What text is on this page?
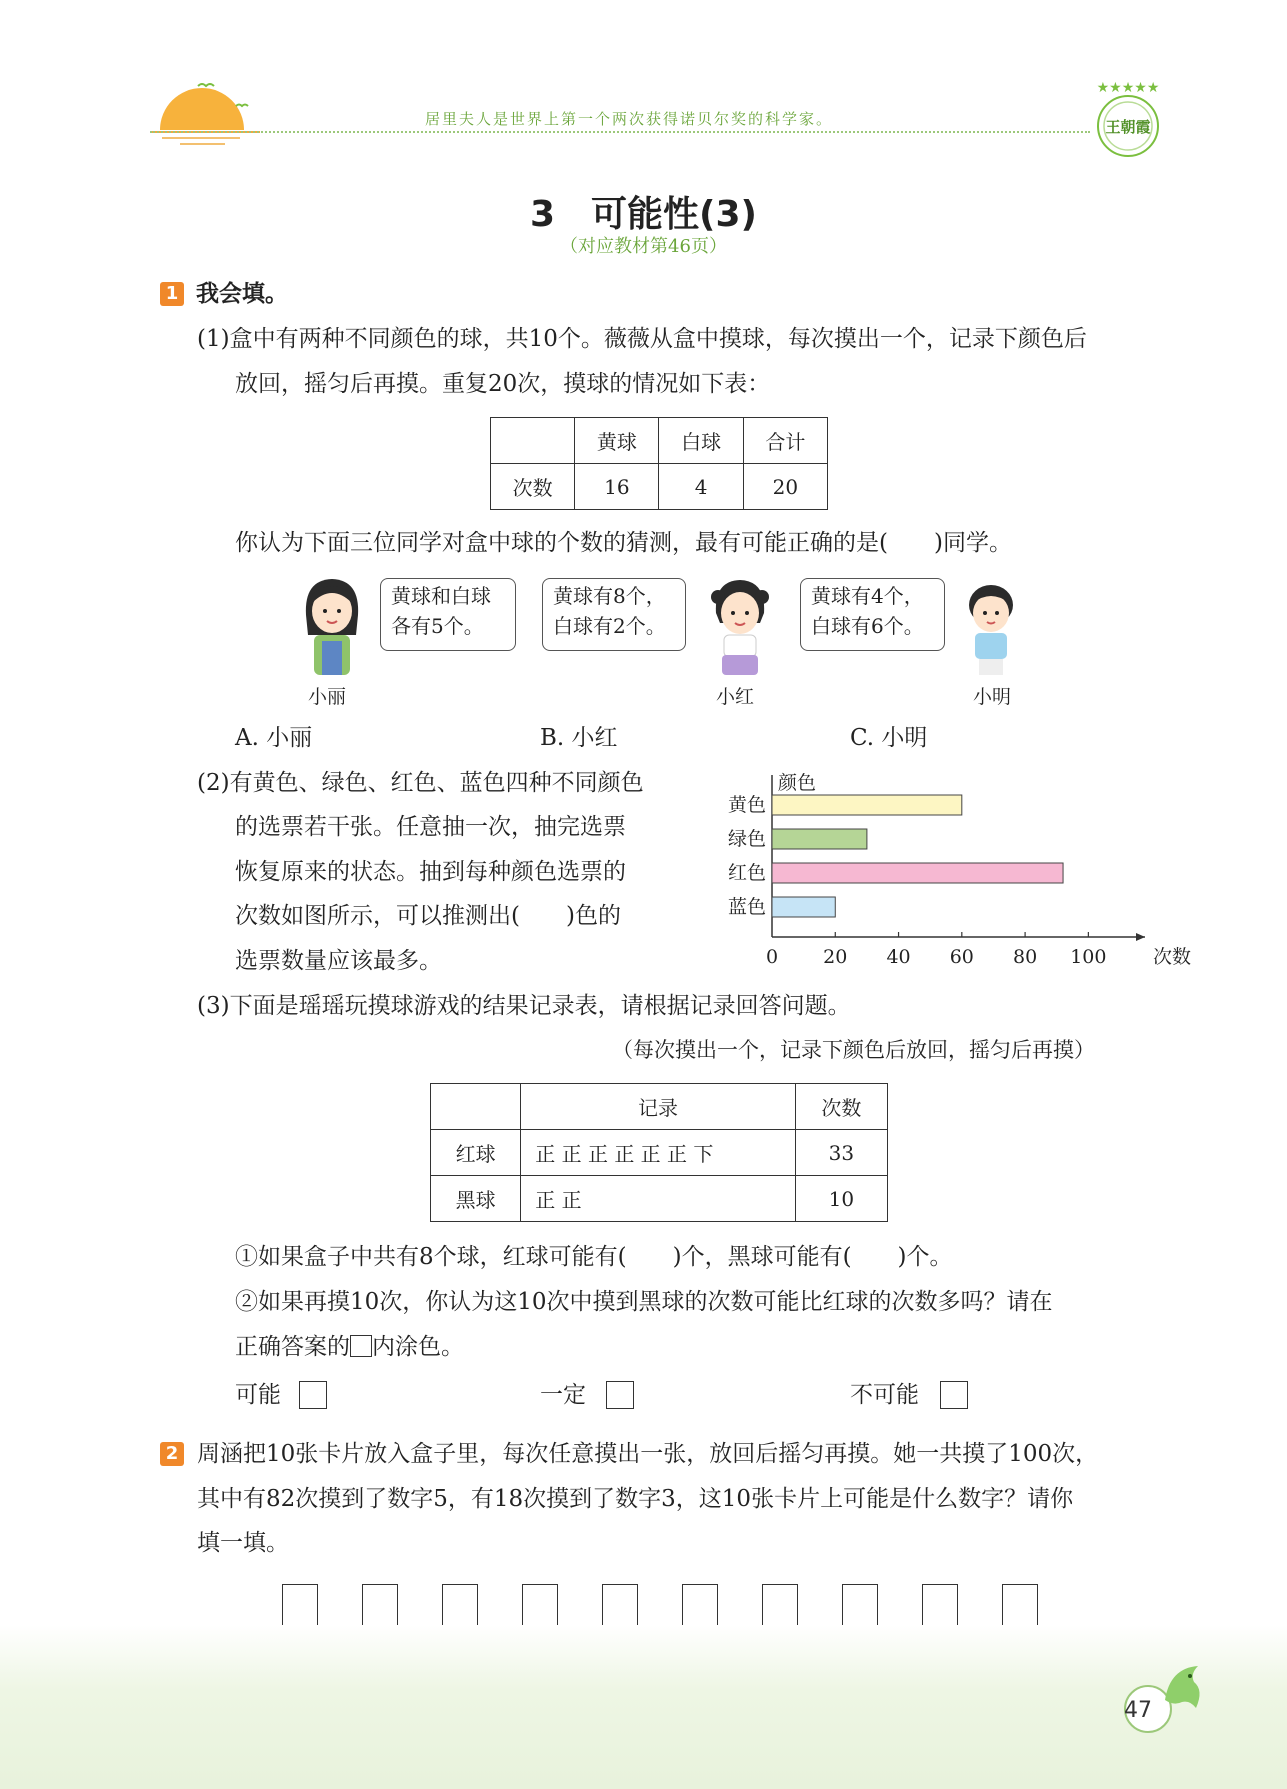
居里夫人是世界上第一个两次获得诺贝尔奖的科学家。
★★★★★
王朝霞
3　可能性(3)
（对应教材第46页）
1 我会填。
(1)盒中有两种不同颜色的球，共10个。薇薇从盒中摸球，每次摸出一个，记录下颜色后
放回，摇匀后再摸。重复20次，摸球的情况如下表：
	黄球	白球	合计
次数	16	4	20
你认为下面三位同学对盒中球的个数的猜测，最有可能正确的是(　　)同学。
黄球和白球
各有5个。
黄球有8个，
白球有2个。
黄球有4个，
白球有6个。
小丽	小红	小明
A. 小丽	B. 小红	C. 小明
(2)有黄色、绿色、红色、蓝色四种不同颜色
的选票若干张。任意抽一次，抽完选票
恢复原来的状态。抽到每种颜色选票的
次数如图所示，可以推测出(　　)色的
选票数量应该最多。
颜色
次数
黄色
绿色
红色
蓝色
0 20 40 60 80 100
(3)下面是瑶瑶玩摸球游戏的结果记录表，请根据记录回答问题。
（每次摸出一个，记录下颜色后放回，摇匀后再摸）
	记录	次数
红球	正 正 正 正 正 正 下	33
黑球	正 正	10
①如果盒子中共有8个球，红球可能有(　　)个，黑球可能有(　　)个。
②如果再摸10次，你认为这10次中摸到黑球的次数可能比红球的次数多吗？请在
正确答案的 内涂色。
可能	一定	不可能
2 周涵把10张卡片放入盒子里，每次任意摸出一张，放回后摇匀再摸。她一共摸了100次，
其中有82次摸到了数字5，有18次摸到了数字3，这10张卡片上可能是什么数字？请你
填一填。
47
